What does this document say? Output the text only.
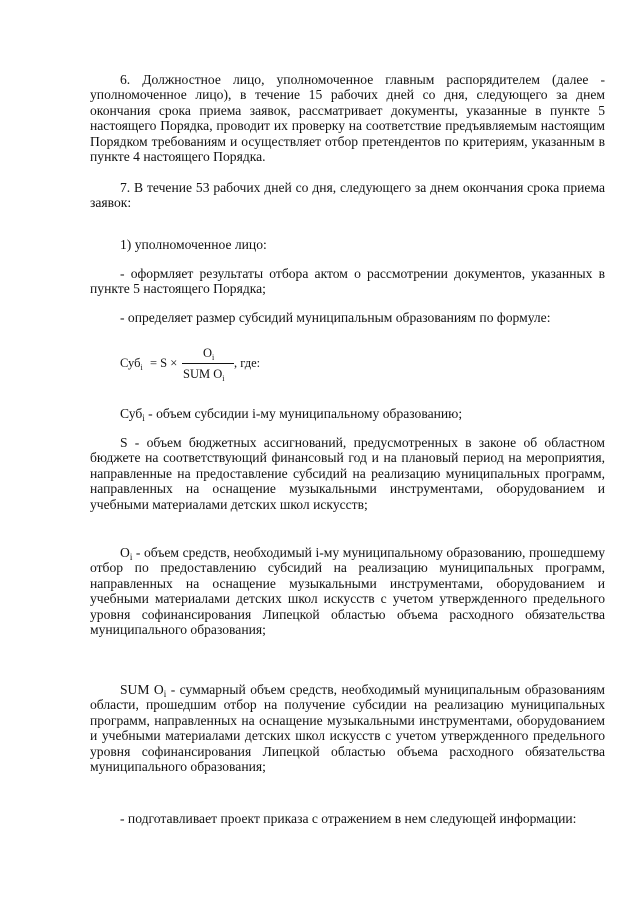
6. Должностное лицо, уполномоченное главным распорядителем (далее - уполномоченное лицо), в течение 15 рабочих дней со дня, следующего за днем окончания срока приема заявок, рассматривает документы, указанные в пункте 5 настоящего Порядка, проводит их проверку на соответствие предъявляемым настоящим Порядком требованиям и осуществляет отбор претендентов по критериям, указанным в пункте 4 настоящего Порядка.

7. В течение 53 рабочих дней со дня, следующего за днем окончания срока приема заявок:

1) уполномоченное лицо:

- оформляет результаты отбора актом о рассмотрении документов, указанных в пункте 5 настоящего Порядка;

- определяет размер субсидий муниципальным образованиям по формуле:

Суб$_i$ = S ×
$O_i$
SUM $O_i$
, где:

Суб$_i$ - объем субсидии i-му муниципальному образованию;

S - объем бюджетных ассигнований, предусмотренных в законе об областном бюджете на соответствующий финансовый год и на плановый период на мероприятия, направленные на предоставление субсидий на реализацию муниципальных программ, направленных на оснащение музыкальными инструментами, оборудованием и учебными материалами детских школ искусств;

$O_i$ - объем средств, необходимый i-му муниципальному образованию, прошедшему отбор по предоставлению субсидий на реализацию муниципальных программ, направленных на оснащение музыкальными инструментами, оборудованием и учебными материалами детских школ искусств с учетом утвержденного предельного уровня софинансирования Липецкой областью объема расходного обязательства муниципального образования;

SUM $O_i$ - суммарный объем средств, необходимый муниципальным образованиям области, прошедшим отбор на получение субсидии на реализацию муниципальных программ, направленных на оснащение музыкальными инструментами, оборудованием и учебными материалами детских школ искусств с учетом утвержденного предельного уровня софинансирования Липецкой областью объема расходного обязательства муниципального образования;

- подготавливает проект приказа с отражением в нем следующей информации:
